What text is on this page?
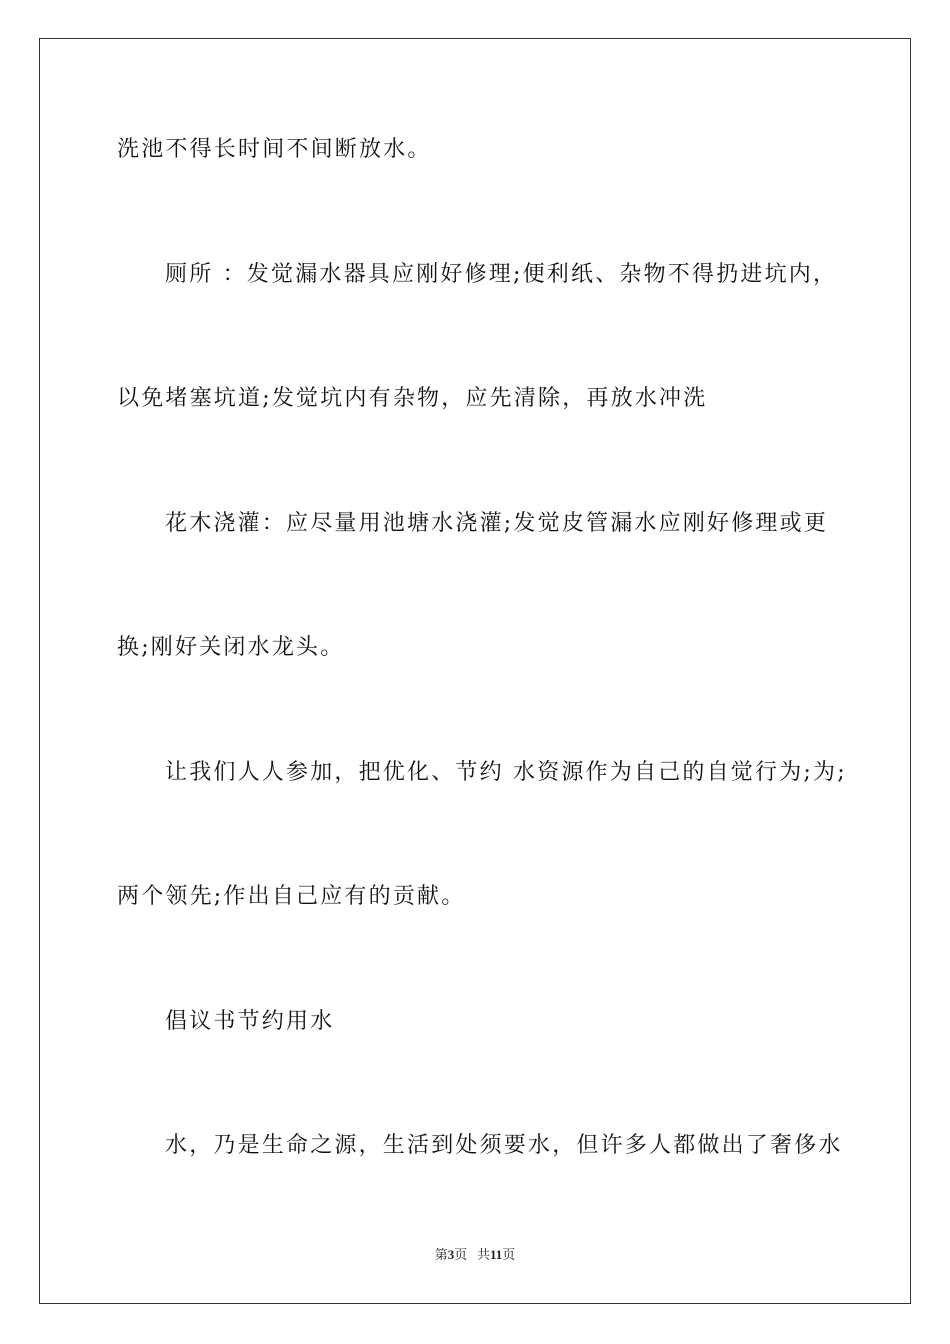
洗池不得长时间不间断放水。
厕所 ：发觉漏水器具应刚好修理;便利纸、杂物不得扔进坑内，
以免堵塞坑道;发觉坑内有杂物，应先清除，再放水冲洗
花木浇灌：应尽量用池塘水浇灌;发觉皮管漏水应刚好修理或更
换;刚好关闭水龙头。
让我们人人参加，把优化、节约 水资源作为自己的自觉行为;为;
两个领先;作出自己应有的贡献。
倡议书节约用水
水，乃是生命之源，生活到处须要水，但许多人都做出了奢侈水
第3页 共11页
